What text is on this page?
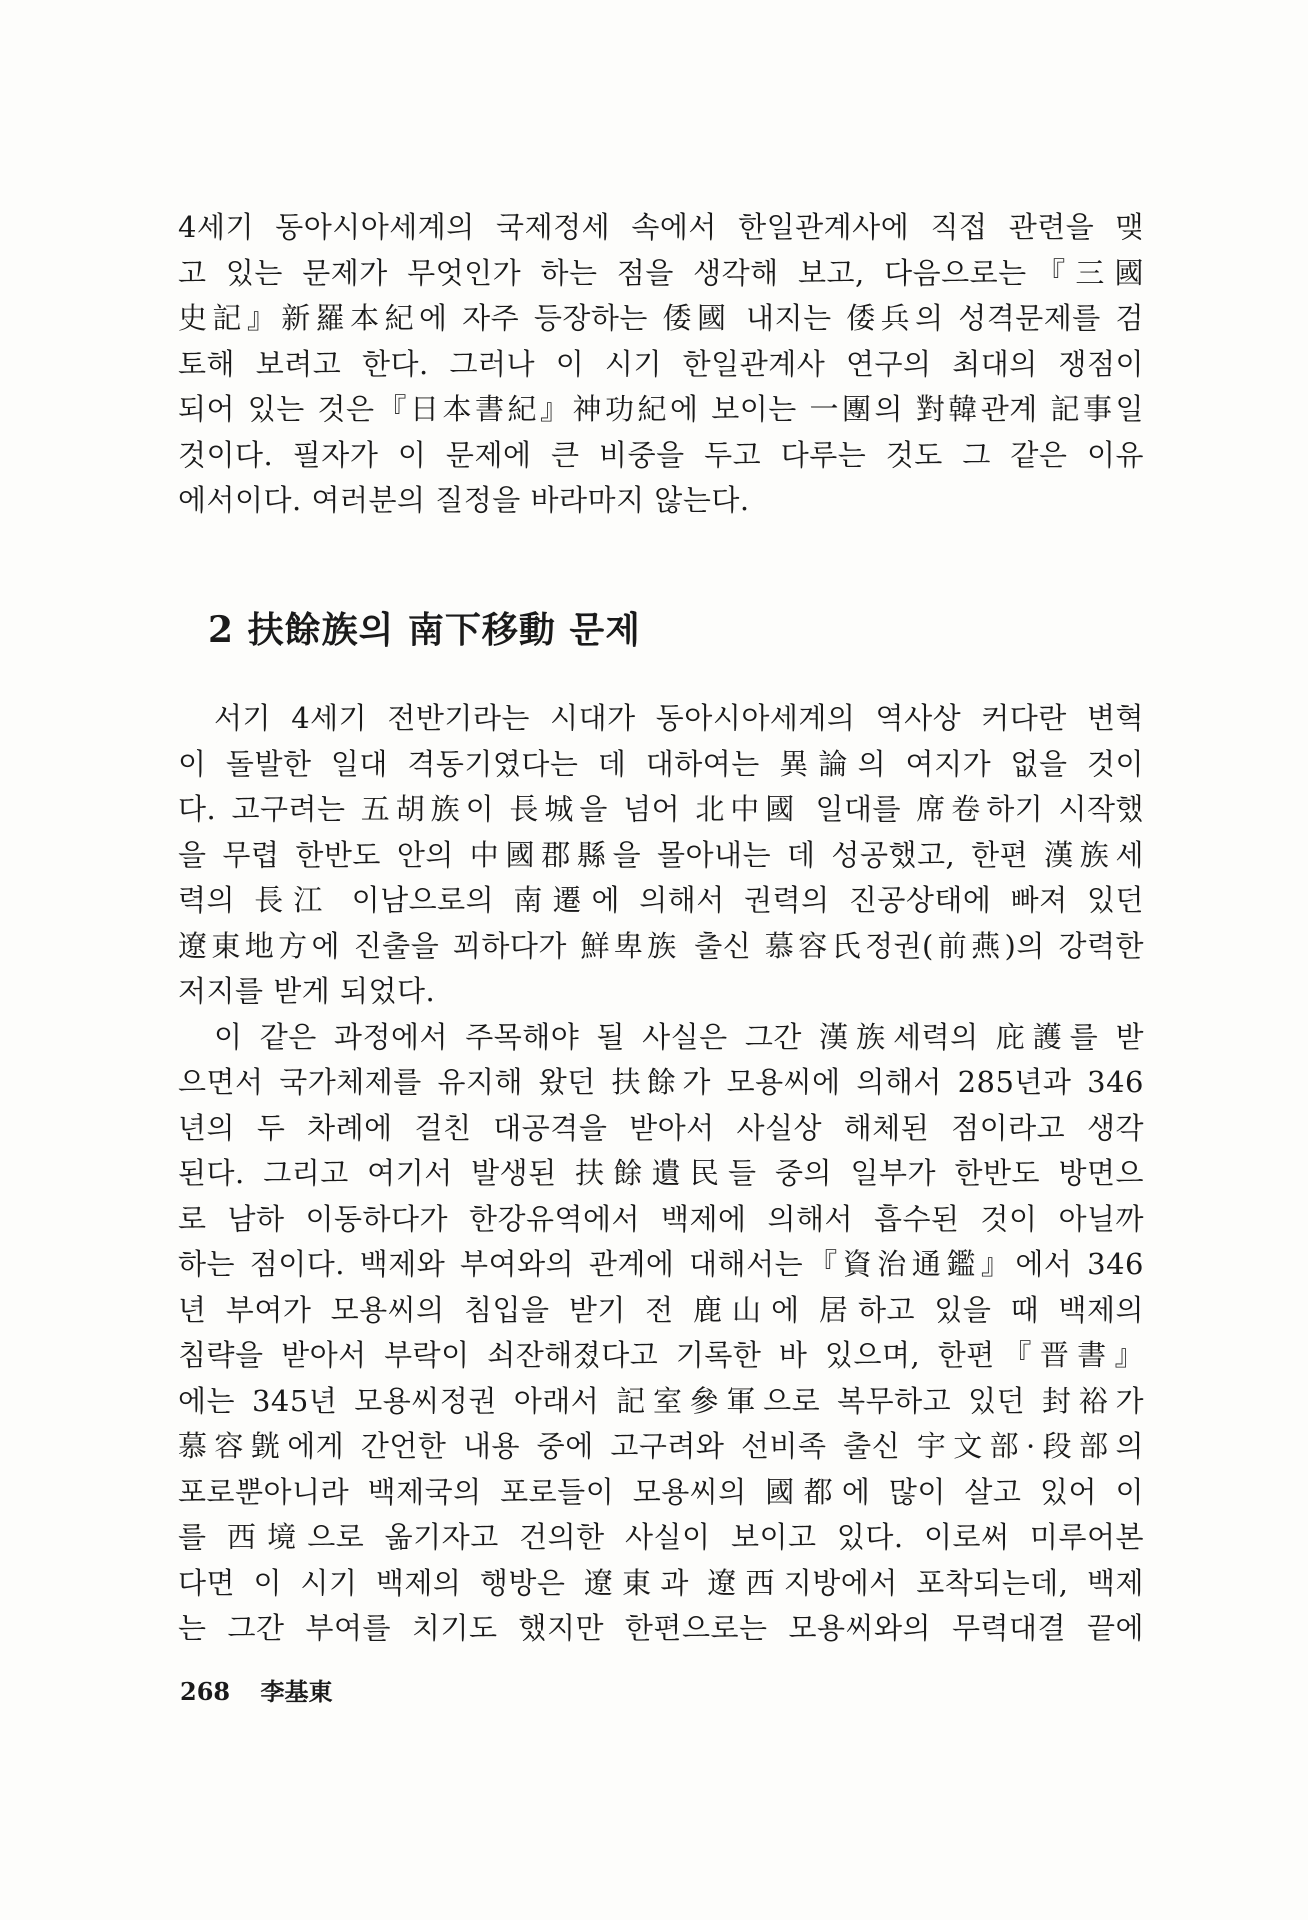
4세기 동아시아세계의 국제정세 속에서 한일관계사에 직접 관련을 맺
고 있는 문제가 무엇인가 하는 점을 생각해 보고, 다음으로는『三國
史記』新羅本紀에 자주 등장하는 倭國 내지는 倭兵의 성격문제를 검
토해 보려고 한다. 그러나 이 시기 한일관계사 연구의 최대의 쟁점이
되어 있는 것은『日本書紀』神功紀에 보이는 一團의 對韓관계 記事일
것이다. 필자가 이 문제에 큰 비중을 두고 다루는 것도 그 같은 이유
에서이다. 여러분의 질정을 바라마지 않는다.
2 扶餘族의 南下移動 문제
서기 4세기 전반기라는 시대가 동아시아세계의 역사상 커다란 변혁
이 돌발한 일대 격동기였다는 데 대하여는 異論의 여지가 없을 것이
다. 고구려는 五胡族이 長城을 넘어 北中國 일대를 席卷하기 시작했
을 무렵 한반도 안의 中國郡縣을 몰아내는 데 성공했고, 한편 漢族세
력의 長江 이남으로의 南遷에 의해서 권력의 진공상태에 빠져 있던
遼東地方에 진출을 꾀하다가 鮮卑族 출신 慕容氏정권(前燕)의 강력한
저지를 받게 되었다.
이 같은 과정에서 주목해야 될 사실은 그간 漢族세력의 庇護를 받
으면서 국가체제를 유지해 왔던 扶餘가 모용씨에 의해서 285년과 346
년의 두 차례에 걸친 대공격을 받아서 사실상 해체된 점이라고 생각
된다. 그리고 여기서 발생된 扶餘遺民들 중의 일부가 한반도 방면으
로 남하 이동하다가 한강유역에서 백제에 의해서 흡수된 것이 아닐까
하는 점이다. 백제와 부여와의 관계에 대해서는『資治通鑑』에서 346
년 부여가 모용씨의 침입을 받기 전 鹿山에 居하고 있을 때 백제의
침략을 받아서 부락이 쇠잔해졌다고 기록한 바 있으며, 한편『晋書』
에는 345년 모용씨정권 아래서 記室參軍으로 복무하고 있던 封裕가
慕容皝에게 간언한 내용 중에 고구려와 선비족 출신 宇文部·段部의
포로뿐아니라 백제국의 포로들이 모용씨의 國都에 많이 살고 있어 이
를 西境으로 옮기자고 건의한 사실이 보이고 있다. 이로써 미루어본
다면 이 시기 백제의 행방은 遼東과 遼西지방에서 포착되는데, 백제
는 그간 부여를 치기도 했지만 한편으로는 모용씨와의 무력대결 끝에
268 李基東
